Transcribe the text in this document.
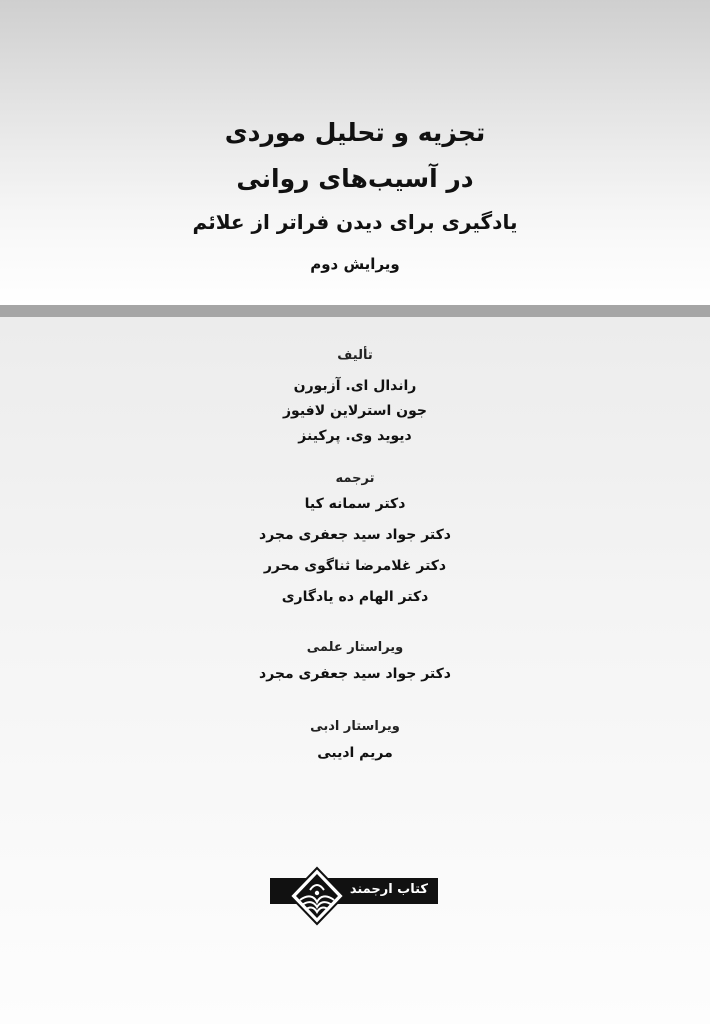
تجزیه و تحلیل موردی
در آسیب‌های روانی
یادگیری برای دیدن فراتر از علائم
ویرایش دوم
تألیف
راندال ای. آزبورن
جون استرلاین لافیوز
دیوید وی. پرکینز
ترجمه
دکتر سمانه کیا
دکتر جواد سید جعفری مجرد
دکتر غلامرضا ثناگوی محرر
دکتر الهام ده یادگاری
ویراستار علمی
دکتر جواد سید جعفری مجرد
ویراستار ادبی
مریم ادیبی
کتاب ارجمند
